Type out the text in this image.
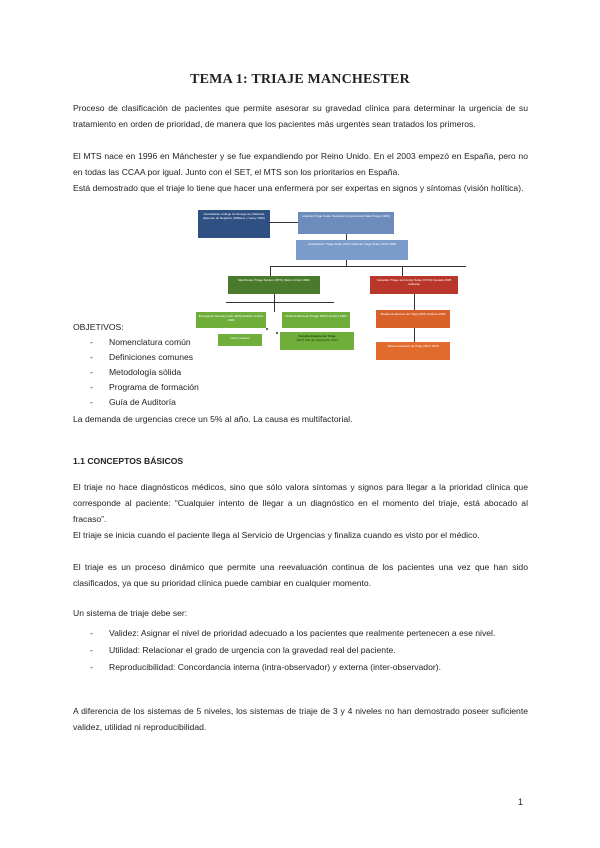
TEMA 1: TRIAJE MANCHESTER

Proceso de clasificación de pacientes que permite asesorar su gravedad clínica para determinar la urgencia de su tratamiento en orden de prioridad, de manera que los pacientes más urgentes sean tratados los primeros.

El MTS nace en 1996 en Mánchester y se fue expandiendo por Reino Unido. En el 2003 empezó en España, pero no en todas las CCAA por igual. Junto con el SET, el MTS son los prioritarios en España.

Está demostrado que el triaje lo tiene que hacer una enfermera por ser expertas en signos y síntomas (visión holítica).

Australasian College for Emergency Medicine (Ejemplo de Registro) (Williams y Carey 1993)	Hospital Triage Scale. Standard Computerized Data Triage (1993)
Australasian Triage Scale (ATS) National Triage Scale (NTS) 1994
Manchester Triage System (MTS) (Reino Unido 1996)	Canadian Triage and Acuity Scale (CTAS) Canadá 1995 Adelante
Emergency Severity Index (ESI) Estados Unidos 1999
Model Andorrà de Triatge (MAT) Andorra 2000	Modelo Andorrano de Triaje (MAT) Andorra 2000
Otros modelos	Sistema Español de Triaje
(SET) Año de publicación 2003
Sistema Español de Triaje (SET) 2003
OBJETIVOS:
-	Nomenclatura común
-	Definiciones comunes
-	Metodología sólida
-	Programa de formación
-	Guía de Auditoría

La demanda de urgencias crece un 5% al año. La causa es multifactorial.

1.1 CONCEPTOS BÁSICOS

El triaje no hace diagnósticos médicos, sino que sólo valora síntomas y signos para llegar a la prioridad clínica que corresponde al paciente: “Cualquier intento de llegar a un diagnóstico en el momento del triaje, está abocado al fracaso”.

El triaje se inicia cuando el paciente llega al Servicio de Urgencias y finaliza cuando es visto por el médico.

El triaje es un proceso dinámico que permite una reevaluación continua de los pacientes una vez que han sido clasificados, ya que su prioridad clínica puede cambiar en cualquier momento.

Un sistema de triaje debe ser:

-	Validez: Asignar el nivel de prioridad adecuado a los pacientes que realmente pertenecen a ese nivel.
-	Utilidad: Relacionar el grado de urgencia con la gravedad real del paciente.
-	Reproducibilidad: Concordancia interna (intra-observador) y externa (inter-observador).

A diferencia de los sistemas de 5 niveles, los sistemas de triaje de 3 y 4 niveles no han demostrado poseer suficiente validez, utilidad ni reproducibilidad.

1
